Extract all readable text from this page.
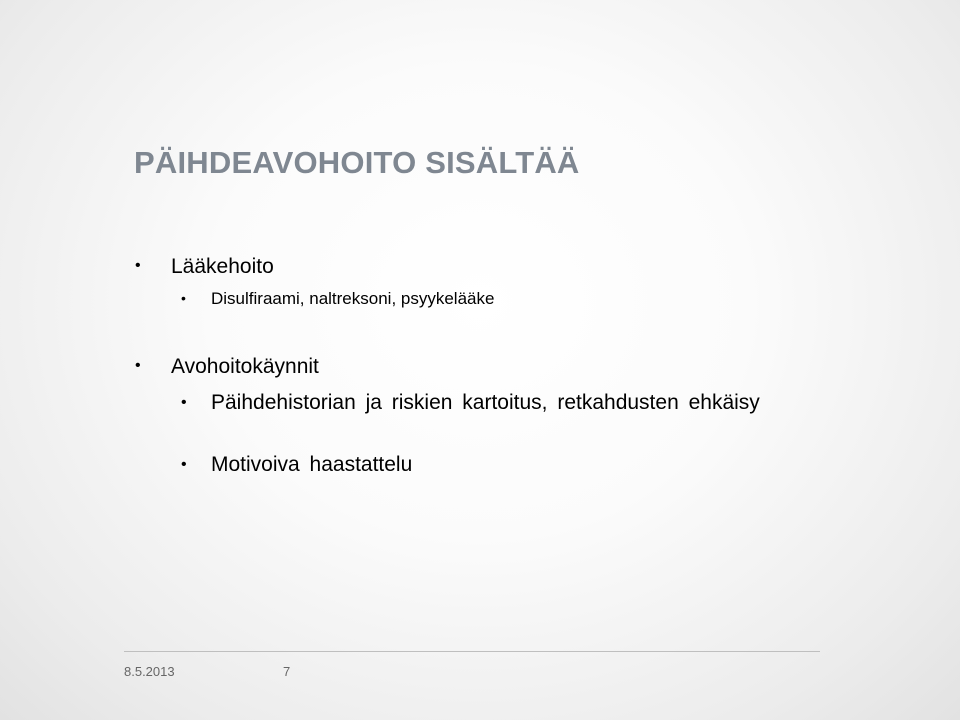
PÄIHDEAVOHOITO SISÄLTÄÄ
• Lääkehoito
• Disulfiraami, naltreksoni, psyykelääke
• Avohoitokäynnit
• Päihdehistorian ja riskien kartoitus, retkahdusten ehkäisy
• Motivoiva haastattelu
8.5.2013	7
